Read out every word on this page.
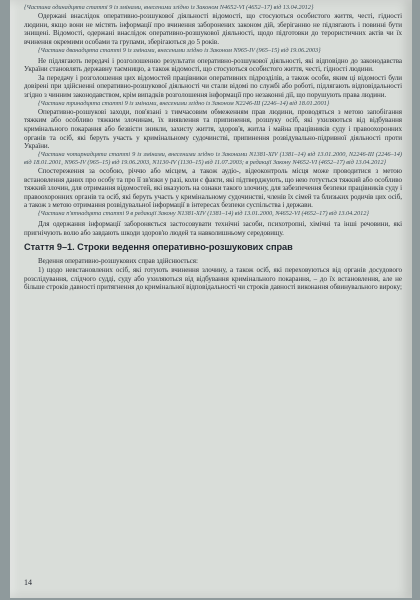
{Частина одинадцята статті 9 із змінами, внесеними згідно із Законом N4652-VI (4652–17) від 13.04.2012}

Одержані внаслідок оперативно-розшукової діяльності відомості, що стосуються особистого життя, честі, гідності людини, якщо вони не містять інформації про вчинення заборонених законом дій, зберіганню не підлягають і повинні бути знищені. Відомості, одержані внаслідок оперативно-розшукової діяльності, щодо підготовки до терористичних актів чи їх вчинення окремими особами та групами, зберігаються до 5 років.

{Частина дванадцята статті 9 із змінами, внесеними згідно із Законом N965-IV (965–15) від 19.06.2003}

Не підлягають передачі і розголошенню результати оперативно-розшукової діяльності, які відповідно до законодавства України становлять державну таємницю, а також відомості, що стосуються особистого життя, честі, гідності людини.

За передачу і розголошення цих відомостей працівники оперативних підрозділів, а також особи, яким ці відомості були довірені при здійсненні оперативно-розшукової діяльності чи стали відомі по службі або роботі, підлягають відповідальності згідно з чинним законодавством, крім випадків розголошення інформації про незаконні дії, що порушують права людини.

{Частина тринадцята статті 9 із змінами, внесеними згідно із Законом N2246-III (2246–14) від 18.01.2001}

Оперативно-розшукові заходи, пов'язані з тимчасовим обмеженням прав людини, проводяться з метою запобігання тяжким або особливо тяжким злочинам, їх виявлення та припинення, розшуку осіб, які ухиляються від відбування кримінального покарання або безвісти зникли, захисту життя, здоров'я, житла і майна працівників суду і правоохоронних органів та осіб, які беруть участь у кримінальному судочинстві, припинення розвідувально-підривної діяльності проти України.

{Частина чотирнадцята статті 9 із змінами, внесеними згідно із Законами N1381-XIV (1381–14) від 13.01.2000, N2246-III (2246–14) від 18.01.2001, N965-IV (965–15) від 19.06.2003, N1130-IV (1130–15) від 11.07.2003; в редакції Закону N4652-VI (4652–17) від 13.04.2012}

Спостереження за особою, річчю або місцем, а також аудіо-, відеоконтроль місця може проводитися з метою встановлення даних про особу та про її зв'язки у разі, коли є факти, які підтверджують, що нею готується тяжкий або особливо тяжкий злочин, для отримання відомостей, які вказують на ознаки такого злочину, для забезпечення безпеки працівників суду і правоохоронних органів та осіб, які беруть участь у кримінальному судочинстві, членів їх сімей та близьких родичів цих осіб, а також з метою отримання розвідувальної інформації в інтересах безпеки суспільства і держави.

{Частина п'ятнадцята статті 9 в редакції Закону N1381-XIV (1381–14) від 13.01.2000, N4652-VI (4652–17) від 13.04.2012}

Для одержання інформації забороняється застосовувати технічні засоби, психотропні, хімічні та інші речовини, які пригнічують волю або завдають шкоди здоров'ю людей та навколишньому середовищу.

Стаття 9–1. Строки ведення оперативно-розшукових справ

Ведення оперативно-розшукових справ здійснюється:

1) щодо невстановлених осіб, які готують вчинення злочину, а також осіб, які переховуються від органів досудового розслідування, слідчого судді, суду або ухиляються від відбування кримінального покарання, – до їх встановлення, але не більше строків давності притягнення до кримінальної відповідальності чи строків давності виконання обвинувального вироку;

14
